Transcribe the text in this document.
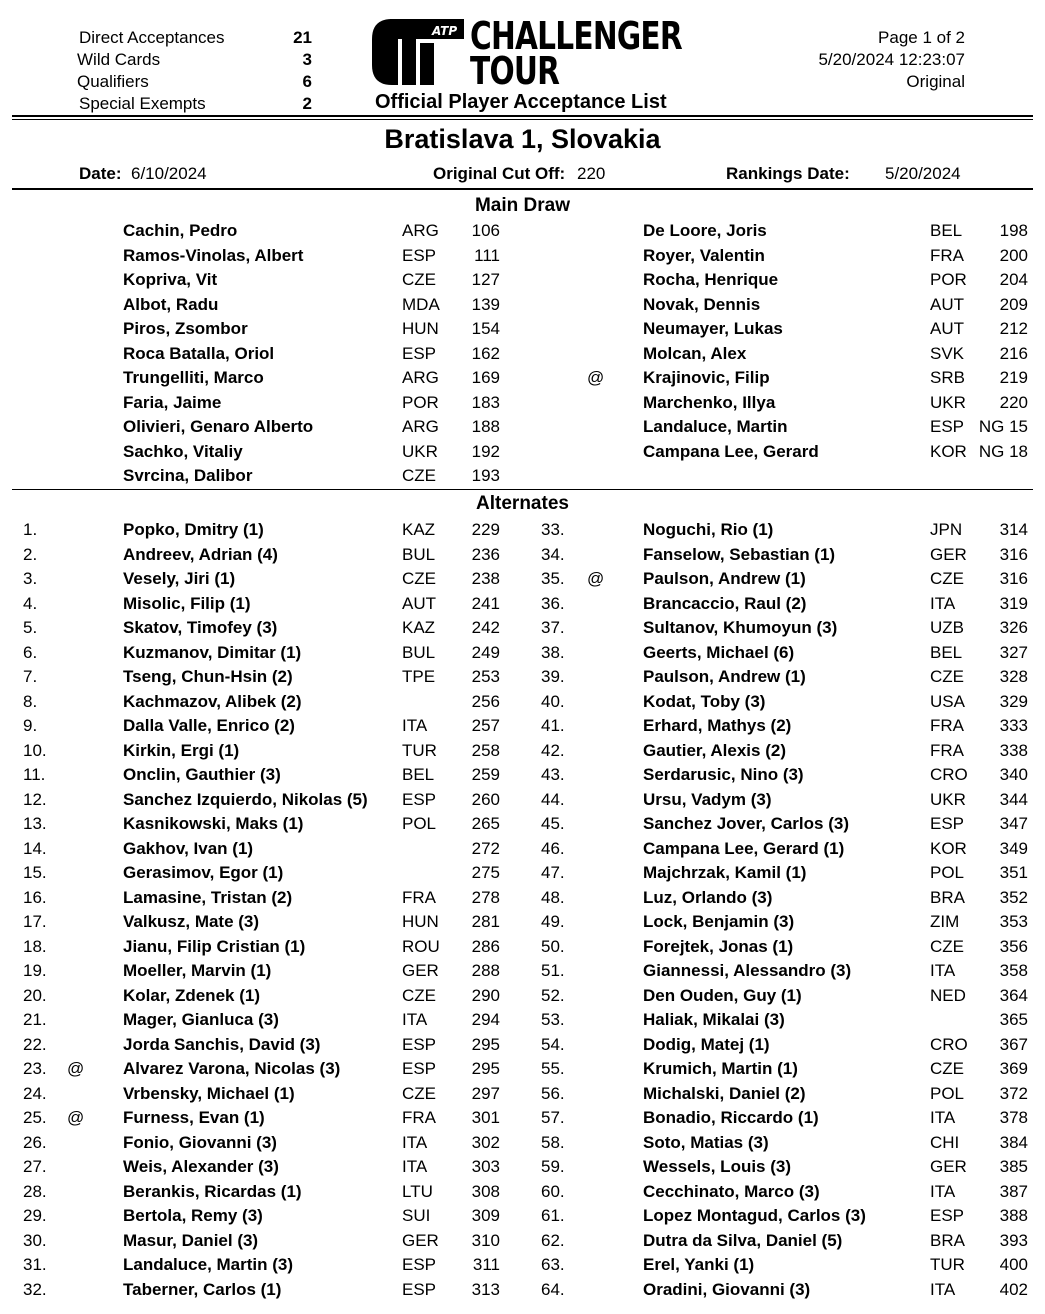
Direct Acceptances	21
Wild Cards	3
Qualifiers	6
Special Exempts	2
ATP CHALLENGER
TOUR
Official Player Acceptance List
Page 1 of 2
5/20/2024 12:23:07
Original
Bratislava 1, Slovakia
Date: 6/10/2024	Original Cut Off: 220	Rankings Date: 5/20/2024
Main Draw
Cachin, Pedro	ARG 106	De Loore, Joris	BEL	198
Ramos-Vinolas, Albert	ESP 111	Royer, Valentin	FRA	200
Kopriva, Vit	CZE 127	Rocha, Henrique	POR	204
Albot, Radu	MDA 139	Novak, Dennis	AUT	209
Piros, Zsombor	HUN 154	Neumayer, Lukas	AUT	212
Roca Batalla, Oriol	ESP 162	Molcan, Alex	SVK	216
Trungelliti, Marco	ARG 169	@ Krajinovic, Filip	SRB	219
Faria, Jaime	POR 183	Marchenko, Illya	UKR	220
Olivieri, Genaro Alberto	ARG 188	Landaluce, Martin	ESP NG 15
Sachko, Vitaliy	UKR 192	Campana Lee, Gerard	KOR NG 18
Svrcina, Dalibor	CZE 193
Alternates
1.	Popko, Dmitry (1)	KAZ 229 33.	Noguchi, Rio (1)	JPN	314
2.	Andreev, Adrian (4)	BUL 236 34.	Fanselow, Sebastian (1)	GER	316
3.	Vesely, Jiri (1)	CZE 238 35. @ Paulson, Andrew (1)	CZE	316
4.	Misolic, Filip (1)	AUT 241 36.	Brancaccio, Raul (2)	ITA	319
5.	Skatov, Timofey (3)	KAZ 242 37.	Sultanov, Khumoyun (3)	UZB	326
6.	Kuzmanov, Dimitar (1)	BUL 249 38.	Geerts, Michael (6)	BEL	327
7.	Tseng, Chun-Hsin (2)	TPE 253 39.	Paulson, Andrew (1)	CZE	328
8.	Kachmazov, Alibek (2)	256 40.	Kodat, Toby (3)	USA	329
9.	Dalla Valle, Enrico (2)	ITA	257 41.	Erhard, Mathys (2)	FRA	333
10.	Kirkin, Ergi (1)	TUR 258 42.	Gautier, Alexis (2)	FRA	338
11.	Onclin, Gauthier (3)	BEL 259 43.	Serdarusic, Nino (3)	CRO	340
12.	Sanchez Izquierdo, Nikolas (5) ESP 260 44.	Ursu, Vadym (3)	UKR	344
13.	Kasnikowski, Maks (1)	POL 265 45.	Sanchez Jover, Carlos (3)	ESP	347
14.	Gakhov, Ivan (1)	272 46.	Campana Lee, Gerard (1)	KOR	349
15.	Gerasimov, Egor (1)	275 47.	Majchrzak, Kamil (1)	POL	351
16.	Lamasine, Tristan (2)	FRA 278 48.	Luz, Orlando (3)	BRA	352
17.	Valkusz, Mate (3)	HUN 281 49.	Lock, Benjamin (3)	ZIM	353
18.	Jianu, Filip Cristian (1)	ROU 286 50.	Forejtek, Jonas (1)	CZE	356
19.	Moeller, Marvin (1)	GER 288 51.	Giannessi, Alessandro (3)	ITA	358
20.	Kolar, Zdenek (1)	CZE 290 52.	Den Ouden, Guy (1)	NED	364
21.	Mager, Gianluca (3)	ITA	294 53.	Haliak, Mikalai (3)	365
22.	Jorda Sanchis, David (3)	ESP 295 54.	Dodig, Matej (1)	CRO	367
23. @ Alvarez Varona, Nicolas (3)	ESP 295 55.	Krumich, Martin (1)	CZE	369
24.	Vrbensky, Michael (1)	CZE 297 56.	Michalski, Daniel (2)	POL	372
25. @ Furness, Evan (1)	FRA 301 57.	Bonadio, Riccardo (1)	ITA	378
26.	Fonio, Giovanni (3)	ITA	302 58.	Soto, Matias (3)	CHI	384
27.	Weis, Alexander (3)	ITA	303 59.	Wessels, Louis (3)	GER	385
28.	Berankis, Ricardas (1)	LTU 308 60.	Cecchinato, Marco (3)	ITA	387
29.	Bertola, Remy (3)	SUI 309 61.	Lopez Montagud, Carlos (3)	ESP	388
30.	Masur, Daniel (3)	GER 310 62.	Dutra da Silva, Daniel (5)	BRA	393
31.	Landaluce, Martin (3)	ESP 311 63.	Erel, Yanki (1)	TUR	400
32.	Taberner, Carlos (1)	ESP 313 64.	Oradini, Giovanni (3)	ITA	402
